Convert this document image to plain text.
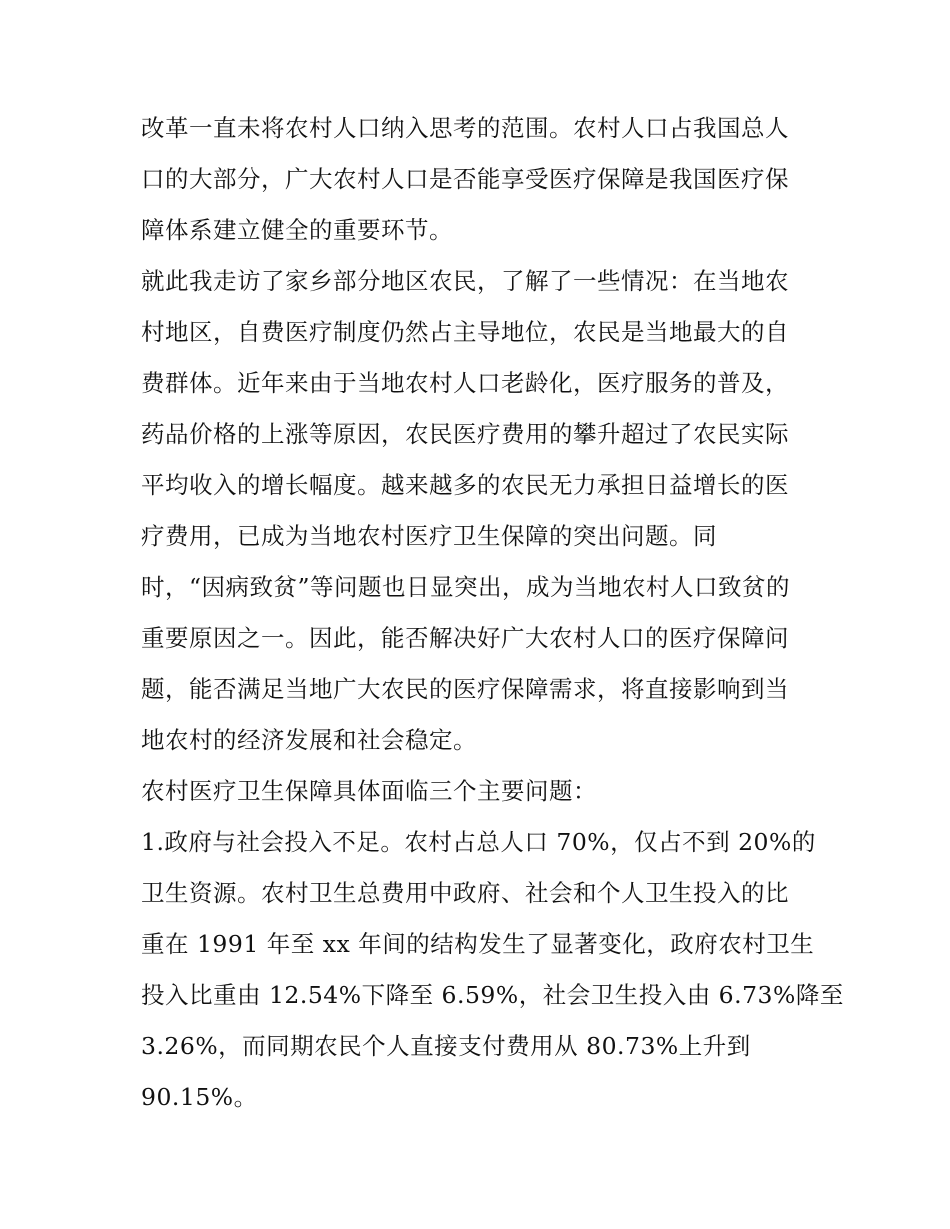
改革一直未将农村人口纳入思考的范围。农村人口占我国总人
口的大部分，广大农村人口是否能享受医疗保障是我国医疗保
障体系建立健全的重要环节。
就此我走访了家乡部分地区农民，了解了一些情况：在当地农
村地区，自费医疗制度仍然占主导地位，农民是当地最大的自
费群体。近年来由于当地农村人口老龄化，医疗服务的普及，
药品价格的上涨等原因，农民医疗费用的攀升超过了农民实际
平均收入的增长幅度。越来越多的农民无力承担日益增长的医
疗费用，已成为当地农村医疗卫生保障的突出问题。同
时，“因病致贫”等问题也日显突出，成为当地农村人口致贫的
重要原因之一。因此，能否解决好广大农村人口的医疗保障问
题，能否满足当地广大农民的医疗保障需求，将直接影响到当
地农村的经济发展和社会稳定。
农村医疗卫生保障具体面临三个主要问题：
1.政府与社会投入不足。农村占总人口 70%，仅占不到 20%的
卫生资源。农村卫生总费用中政府、社会和个人卫生投入的比
重在 1991 年至 xx 年间的结构发生了显著变化，政府农村卫生
投入比重由 12.54%下降至 6.59%，社会卫生投入由 6.73%降至
3.26%，而同期农民个人直接支付费用从 80.73%上升到
90.15%。
